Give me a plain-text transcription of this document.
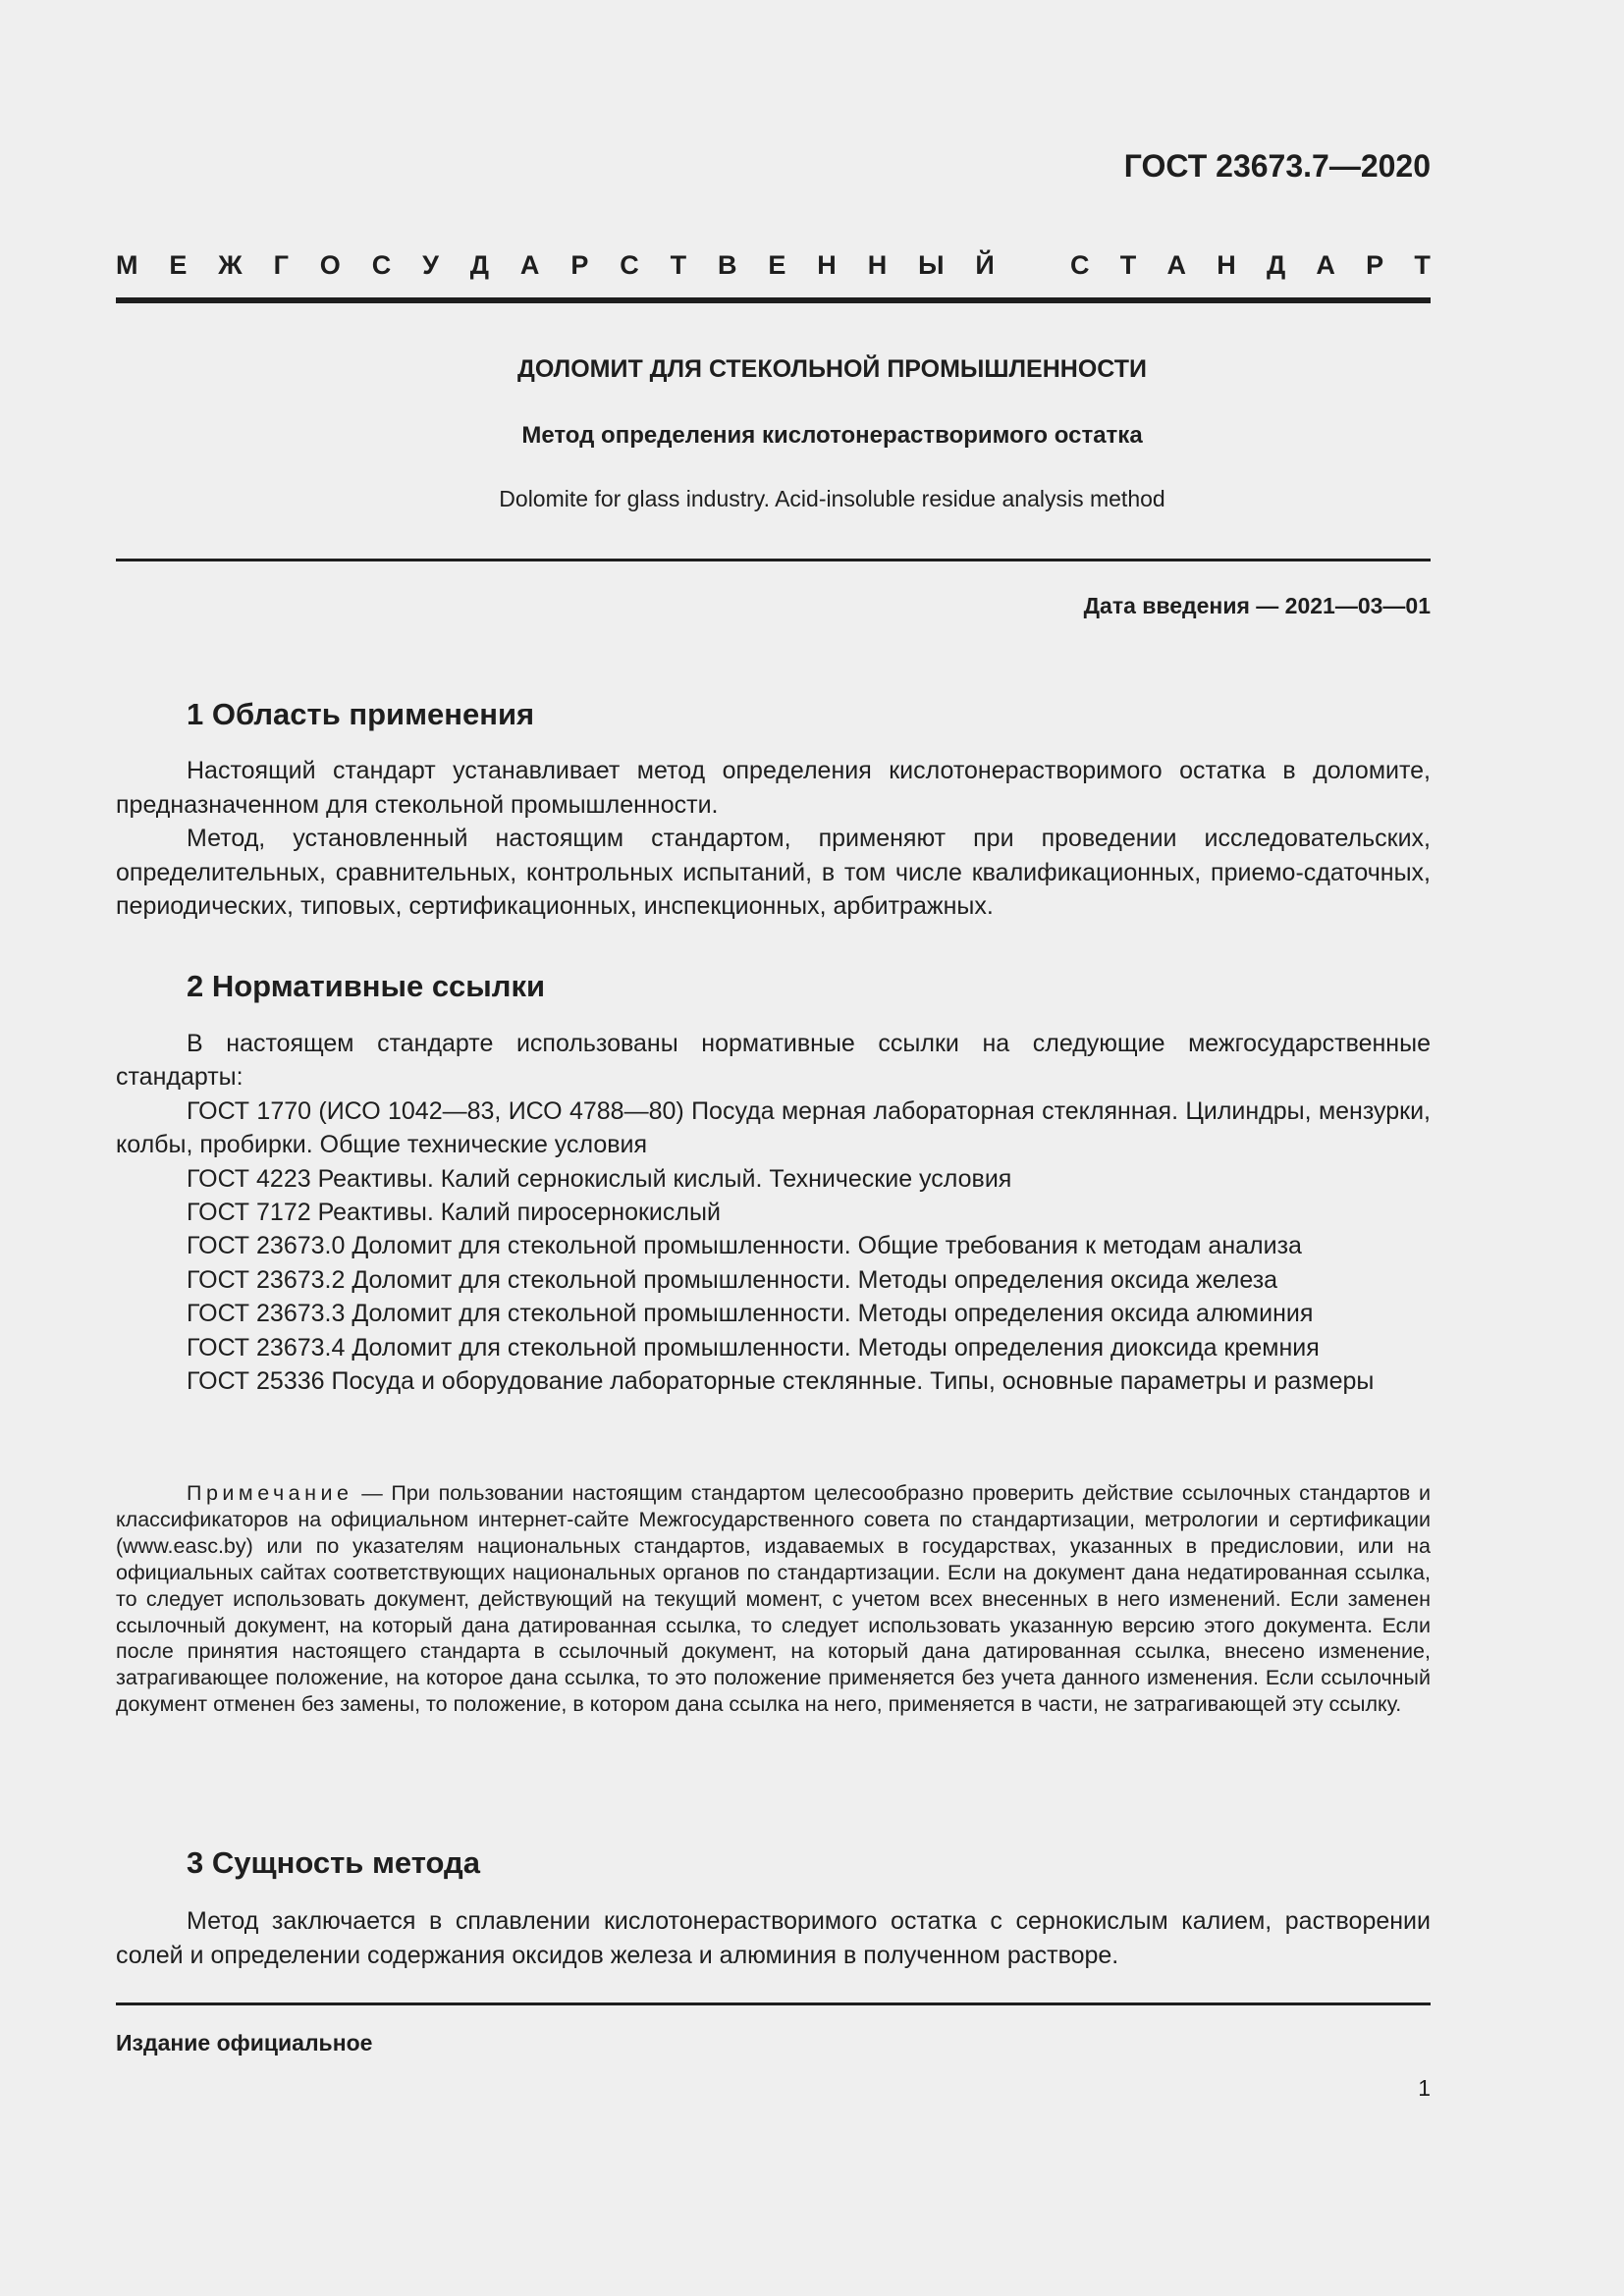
ГОСТ 23673.7—2020
М Е Ж Г О С У Д А Р С Т В Е Н Н Ы Й	С Т А Н Д А Р Т
ДОЛОМИТ ДЛЯ СТЕКОЛЬНОЙ ПРОМЫШЛЕННОСТИ
Метод определения кислотонерастворимого остатка
Dolomite for glass industry. Acid-insoluble residue analysis method
Дата введения — 2021—03—01
1 Область применения

Настоящий стандарт устанавливает метод определения кислотонерастворимого остатка в доломите, предназначенном для стекольной промышленности.

Метод, установленный настоящим стандартом, применяют при проведении исследовательских, определительных, сравнительных, контрольных испытаний, в том числе квалификационных, приемо-сдаточных, периодических, типовых, сертификационных, инспекционных, арбитражных.

2 Нормативные ссылки

В настоящем стандарте использованы нормативные ссылки на следующие межгосударственные стандарты:

ГОСТ 1770 (ИСО 1042—83, ИСО 4788—80) Посуда мерная лабораторная стеклянная. Цилиндры, мензурки, колбы, пробирки. Общие технические условия

ГОСТ 4223 Реактивы. Калий сернокислый кислый. Технические условия

ГОСТ 7172 Реактивы. Калий пиросернокислый

ГОСТ 23673.0 Доломит для стекольной промышленности. Общие требования к методам анализа

ГОСТ 23673.2 Доломит для стекольной промышленности. Методы определения оксида железа

ГОСТ 23673.3 Доломит для стекольной промышленности. Методы определения оксида алюминия

ГОСТ 23673.4 Доломит для стекольной промышленности. Методы определения диоксида кремния

ГОСТ 25336 Посуда и оборудование лабораторные стеклянные. Типы, основные параметры и размеры

Примечание — При пользовании настоящим стандартом целесообразно проверить действие ссылочных стандартов и классификаторов на официальном интернет-сайте Межгосударственного совета по стандартизации, метрологии и сертификации (www.easc.by) или по указателям национальных стандартов, издаваемых в государствах, указанных в предисловии, или на официальных сайтах соответствующих национальных органов по стандартизации. Если на документ дана недатированная ссылка, то следует использовать документ, действующий на текущий момент, с учетом всех внесенных в него изменений. Если заменен ссылочный документ, на который дана датированная ссылка, то следует использовать указанную версию этого документа. Если после принятия настоящего стандарта в ссылочный документ, на который дана датированная ссылка, внесено изменение, затрагивающее положение, на которое дана ссылка, то это положение применяется без учета данного изменения. Если ссылочный документ отменен без замены, то положение, в котором дана ссылка на него, применяется в части, не затрагивающей эту ссылку.
3 Сущность метода

Метод заключается в сплавлении кислотонерастворимого остатка с сернокислым калием, растворении солей и определении содержания оксидов железа и алюминия в полученном растворе.

Издание официальное
1
